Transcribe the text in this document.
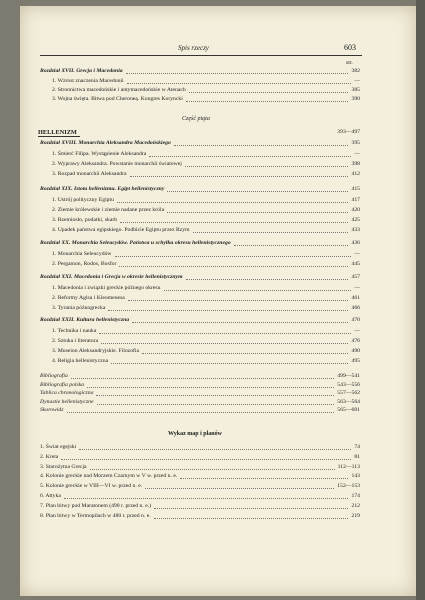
Spis rzeczy	603
str.
Rozdział XVII. Grecja i Macedonia	382
1. Wzrost znaczenia Macedonii	—
2. Stronnictwa macedońskie i antymacedońskie w Atenach	385
3. Wojna święta. Bitwa pod Cheroneą. Kongres Koryncki	390
Część piąta
HELLENIZM	393—497
Rozdział XVIII. Monarchia Aleksandra Macedońskiego	395
1. Śmierć Filipa. Wystąpienie Aleksandra	—
2. Wyprawy Aleksandra. Powstanie monarchii światowej	398
3. Rozpad monarchii Aleksandra	412
Rozdział XIX. Istota hellenizmu. Egipt hellenistyczny	415
1. Ustrój polityczny Egiptu	417
2. Ziemie królewskie i ziemie nadane przez króla	420
3. Rzemiosło, podatki, skarb	425
4. Upadek państwa egipskiego. Podbicie Egiptu przez Rzym	433
Rozdział XX. Monarchia Seleucydów. Państwa u schyłku okresu hellenistycznego	436
1. Monarchia Seleucydów	—
2. Pergamon, Rodos, Bosfor	445
Rozdział XXI. Macedonia i Grecja w okresie hellenistycznym	457
1. Macedonia i związki greckie późnego okresu	—
2. Reformy Agisa i Kleomenesa	461
3. Tyrania późnogrecka	466
Rozdział XXII. Kultura hellenistyczna	470
1. Technika i nauka	—
2. Sztuka i literatura	476
3. Museion Aleksandryjskie. Filozofia	490
4. Religia hellenistyczna	495
Bibliografia	499—541
Bibliografia polska	543—556
Tablica chronologiczna	557—562
Dynastie hellenistyczne	563—564
Skorowidz	565—601
Wykaz map i planów
1. Świat egejski	74
2. Kreta	81
3. Starożytna Grecja	112—113
4. Kolonie greckie nad Morzem Czarnym w V w. przed n. e.	143
5. Kolonie greckie w VIII—VI w. przed n. e.	152—153
6. Attyka	174
7. Plan bitwy pod Maratonem (490 r. przed n. e.)	212
8. Plan bitwy w Termopilach w 480 r. przed n. e.	219
